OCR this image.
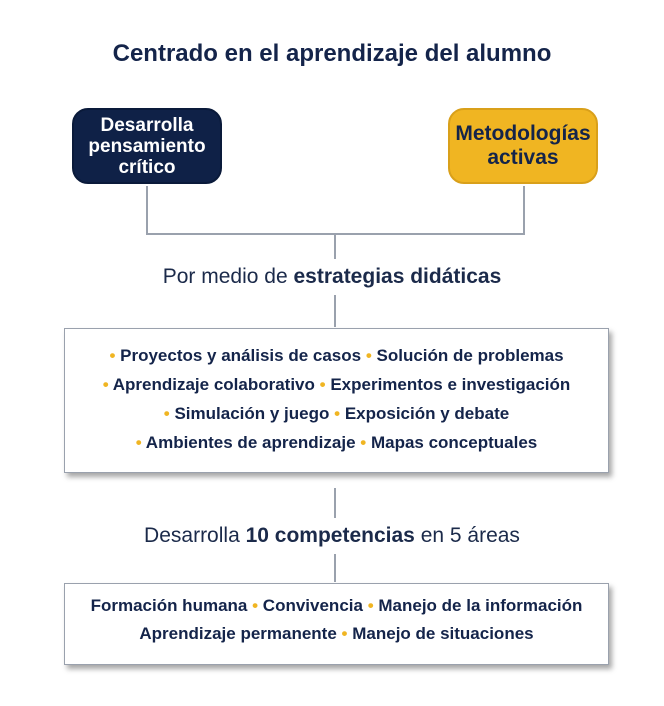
Centrado en el aprendizaje del alumno
Desarrolla
pensamiento
crítico
Metodologías
activas
Por medio de estrategias didáticas
• Proyectos y análisis de casos • Solución de problemas
• Aprendizaje colaborativo • Experimentos e investigación
• Simulación y juego • Exposición y debate
• Ambientes de aprendizaje • Mapas conceptuales
Desarrolla 10 competencias en 5 áreas
Formación humana • Convivencia • Manejo de la información
Aprendizaje permanente • Manejo de situaciones
